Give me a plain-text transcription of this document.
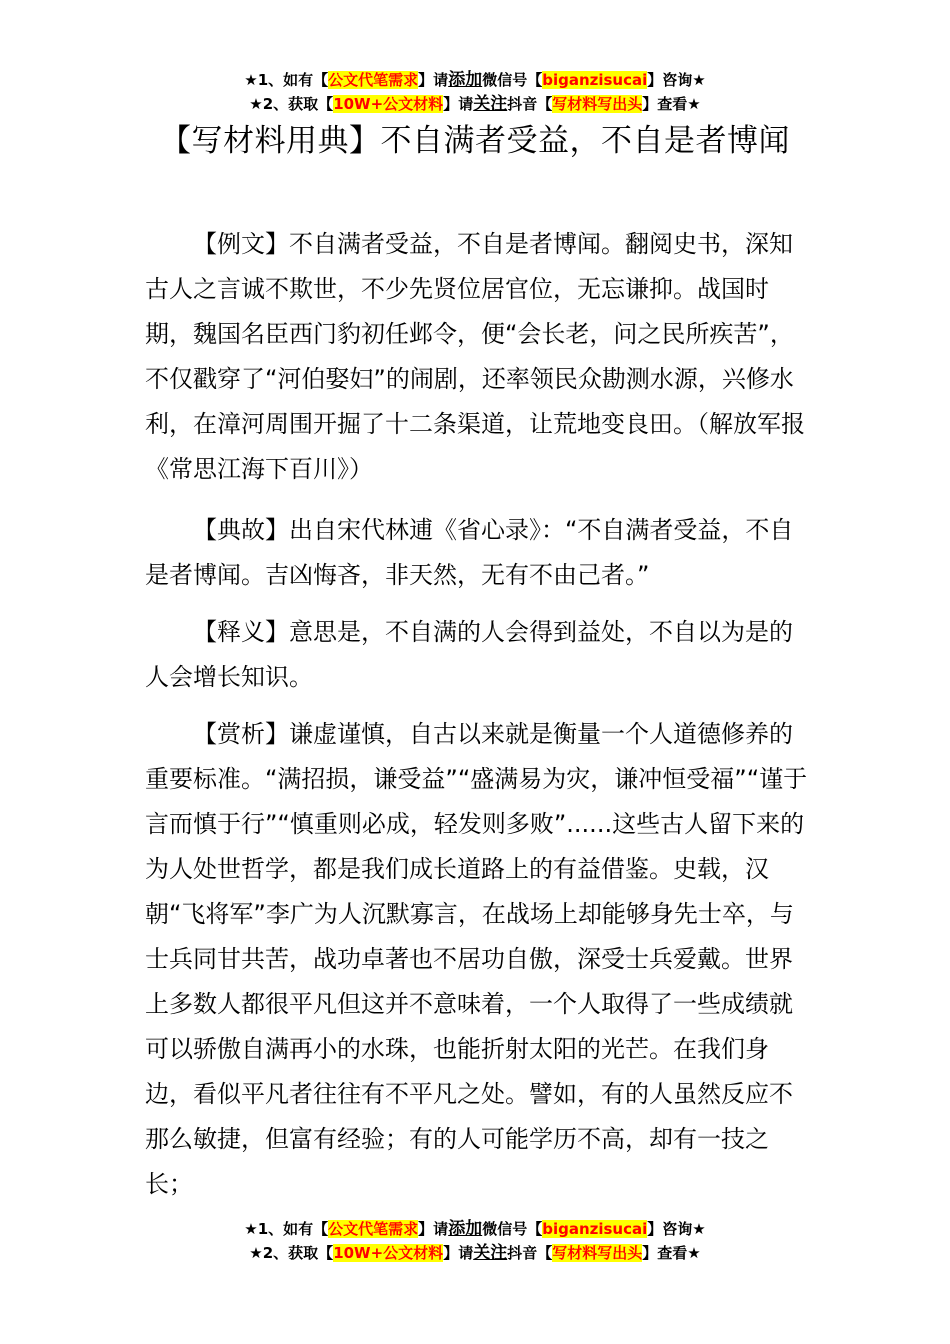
★1、如有【公文代笔需求】请添加微信号【biganzisucai】咨询★
★2、获取【10W+公文材料】请关注抖音【写材料写出头】查看★
【写材料用典】不自满者受益，不自是者博闻

【例文】不自满者受益，不自是者博闻。翻阅史书，深知古人之言诚不欺世，不少先贤位居官位，无忘谦抑。战国时期，魏国名臣西门豹初任邺令，便“会长老，问之民所疾苦”，不仅戳穿了“河伯娶妇”的闹剧，还率领民众勘测水源，兴修水利，在漳河周围开掘了十二条渠道，让荒地变良田。（解放军报《常思江海下百川》）

【典故】出自宋代林逋《省心录》：“不自满者受益，不自是者博闻。吉凶悔吝，非天然，无有不由己者。”

【释义】意思是，不自满的人会得到益处，不自以为是的人会增长知识。

【赏析】谦虚谨慎，自古以来就是衡量一个人道德修养的重要标准。“满招损，谦受益”“盛满易为灾，谦冲恒受福”“谨于言而慎于行”“慎重则必成，轻发则多败”......这些古人留下来的为人处世哲学，都是我们成长道路上的有益借鉴。史载，汉朝“飞将军”李广为人沉默寡言，在战场上却能够身先士卒，与士兵同甘共苦，战功卓著也不居功自傲，深受士兵爱戴。世界上多数人都很平凡但这并不意味着，一个人取得了一些成绩就可以骄傲自满再小的水珠，也能折射太阳的光芒。在我们身边，看似平凡者往往有不平凡之处。譬如，有的人虽然反应不那么敏捷，但富有经验；有的人可能学历不高，却有一技之长；

★1、如有【公文代笔需求】请添加微信号【biganzisucai】咨询★
★2、获取【10W+公文材料】请关注抖音【写材料写出头】查看★
